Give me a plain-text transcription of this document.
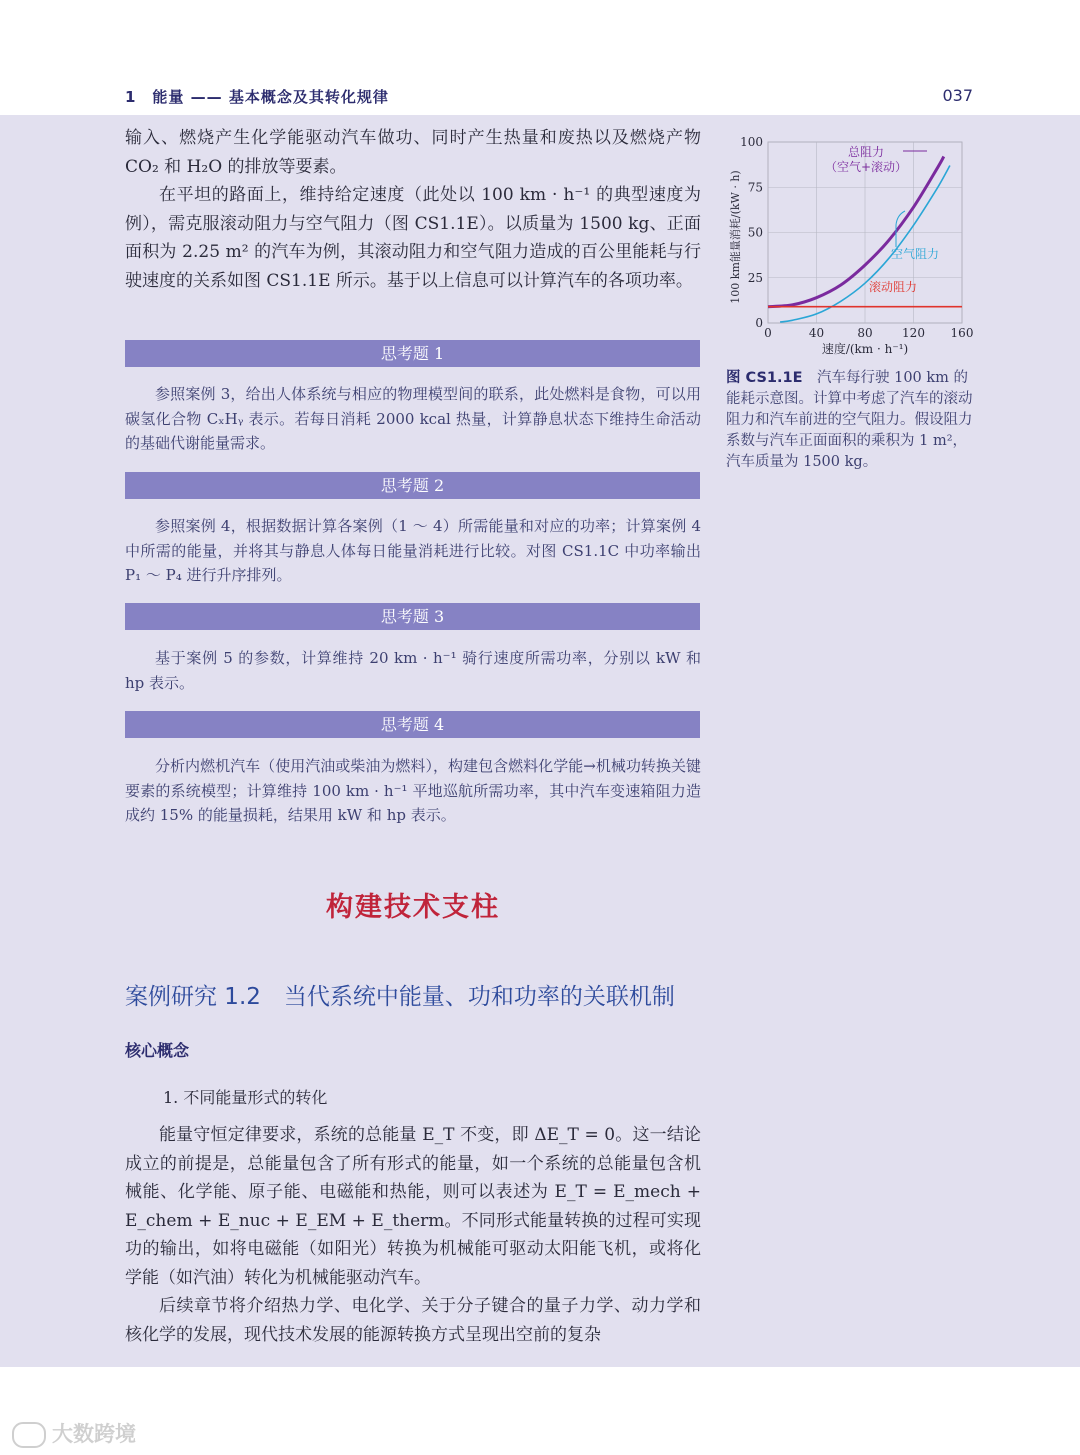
1　能量 —— 基本概念及其转化规律	037
输入、燃烧产生化学能驱动汽车做功、同时产生热量和废热以及燃烧产物 CO₂ 和 H₂O 的排放等要素。
在平坦的路面上，维持给定速度（此处以 100 km · h⁻¹ 的典型速度为例），需克服滚动阻力与空气阻力（图 CS1.1E）。以质量为 1500 kg、正面面积为 2.25 m² 的汽车为例，其滚动阻力和空气阻力造成的百公里能耗与行驶速度的关系如图 CS1.1E 所示。基于以上信息可以计算汽车的各项功率。
思考题 1
参照案例 3，给出人体系统与相应的物理模型间的联系，此处燃料是食物，可以用碳氢化合物 CₓHᵧ 表示。若每日消耗 2000 kcal 热量，计算静息状态下维持生命活动的基础代谢能量需求。
思考题 2
参照案例 4，根据数据计算各案例（1 ～ 4）所需能量和对应的功率；计算案例 4 中所需的能量，并将其与静息人体每日能量消耗进行比较。对图 CS1.1C 中功率输出 P₁ ～ P₄ 进行升序排列。
思考题 3
基于案例 5 的参数，计算维持 20 km · h⁻¹ 骑行速度所需功率，分别以 kW 和 hp 表示。
思考题 4
分析内燃机汽车（使用汽油或柴油为燃料），构建包含燃料化学能→机械功转换关键要素的系统模型；计算维持 100 km · h⁻¹ 平地巡航所需功率，其中汽车变速箱阻力造成约 15% 的能量损耗，结果用 kW 和 hp 表示。
构建技术支柱
案例研究 1.2　当代系统中能量、功和功率的关联机制
核心概念
1. 不同能量形式的转化
能量守恒定律要求，系统的总能量 E_T 不变，即 ΔE_T = 0。这一结论成立的前提是，总能量包含了所有形式的能量，如一个系统的总能量包含机械能、化学能、原子能、电磁能和热能，则可以表述为 E_T = E_mech + E_chem + E_nuc + E_EM + E_therm。不同形式能量转换的过程可实现功的输出，如将电磁能（如阳光）转换为机械能可驱动太阳能飞机，或将化学能（如汽油）转化为机械能驱动汽车。
后续章节将介绍热力学、电化学、关于分子键合的量子力学、动力学和核化学的发展，现代技术发展的能源转换方式呈现出空前的复杂
0	40	80 120 160
0
25
50
75
100
速度/(km · h⁻¹)
100 km能量消耗/(kW · h)
总阻力
（空气+滚动）
空气阻力
滚动阻力
图 CS1.1E　 汽车每行驶 100 km 的能耗示意图。计算中考虑了汽车的滚动阻力和汽车前进的空气阻力。假设阻力系数与汽车正面面积的乘积为 1 m²，汽车质量为 1500 kg。
大数跨境
